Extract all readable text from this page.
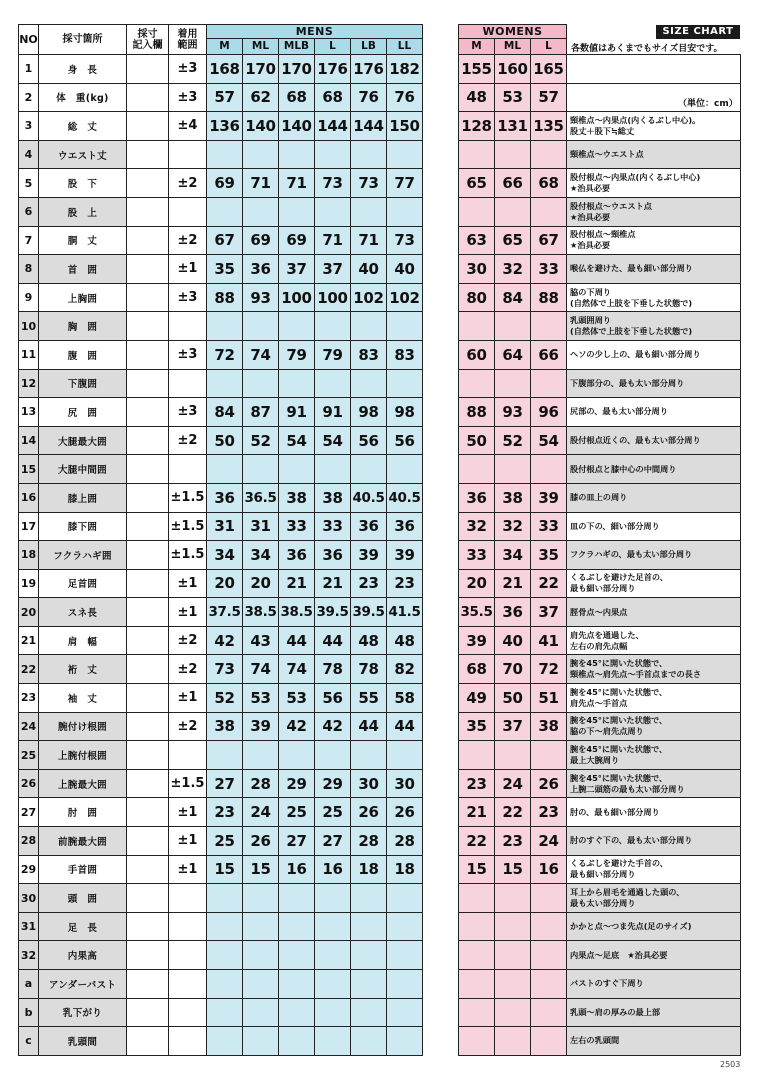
SIZE CHART
各数値はあくまでもサイズ目安です。
（単位：cm）
NO	採寸箇所	採寸
記入欄	着用
範囲	MENS							WOMENS			
				M	ML	MLB	L	LB	LL		M	ML	L	
1	身　長		±3	168	170	170	176	176	182		155	160	165	
2	体　重(kg)		±3	57	62	68	68	76	76		48	53	57	
3	総　丈		±4	136	140	140	144	144	150		128	131	135	頸椎点～内果点(内くるぶし中心)。
股丈＋股下≒総丈
4	ウエスト丈													頸椎点～ウエスト点
5	股　下		±2	69	71	71	73	73	77		65	66	68	股付根点～内果点(内くるぶし中心)
★治具必要
6	股　上													股付根点～ウエスト点
★治具必要
7	胴　丈		±2	67	69	69	71	71	73		63	65	67	股付根点～頸椎点
★治具必要
8	首　囲		±1	35	36	37	37	40	40		30	32	33	喉仏を避けた、最も細い部分周り
9	上胸囲		±3	88	93	100	100	102	102		80	84	88	脇の下周り
(自然体で上肢を下垂した状態で)
10	胸　囲													乳頭囲周り
(自然体で上肢を下垂した状態で)
11	腹　囲		±3	72	74	79	79	83	83		60	64	66	ヘソの少し上の、最も細い部分周り
12	下腹囲													下腹部分の、最も太い部分周り
13	尻　囲		±3	84	87	91	91	98	98		88	93	96	尻部の、最も太い部分周り
14	大腿最大囲		±2	50	52	54	54	56	56		50	52	54	股付根点近くの、最も太い部分周り
15	大腿中間囲													股付根点と膝中心の中間周り
16	膝上囲		±1.5	36	36.5	38	38	40.5	40.5		36	38	39	膝の皿上の周り
17	膝下囲		±1.5	31	31	33	33	36	36		32	32	33	皿の下の、細い部分周り
18	フクラハギ囲		±1.5	34	34	36	36	39	39		33	34	35	フクラハギの、最も太い部分周り
19	足首囲		±1	20	20	21	21	23	23		20	21	22	くるぶしを避けた足首の、
最も細い部分周り
20	スネ長		±1	37.5	38.5	38.5	39.5	39.5	41.5		35.5	36	37	脛骨点～内果点
21	肩　幅		±2	42	43	44	44	48	48		39	40	41	肩先点を通過した、
左右の肩先点幅
22	裄　丈		±2	73	74	74	78	78	82		68	70	72	腕を45°に開いた状態で、
頸椎点～肩先点～手首点までの長さ
23	袖　丈		±1	52	53	53	56	55	58		49	50	51	腕を45°に開いた状態で、
肩先点～手首点
24	腕付け根囲		±2	38	39	42	42	44	44		35	37	38	腕を45°に開いた状態で、
脇の下～肩先点周り
25	上腕付根囲													腕を45°に開いた状態で、
最上大腕周り
26	上腕最大囲		±1.5	27	28	29	29	30	30		23	24	26	腕を45°に開いた状態で、
上腕二頭筋の最も太い部分周り
27	肘　囲		±1	23	24	25	25	26	26		21	22	23	肘の、最も細い部分周り
28	前腕最大囲		±1	25	26	27	27	28	28		22	23	24	肘のすぐ下の、最も太い部分周り
29	手首囲		±1	15	15	16	16	18	18		15	15	16	くるぶしを避けた手首の、
最も細い部分周り
30	頭　囲													耳上から眉毛を通過した頭の、
最も太い部分周り
31	足　長													かかと点～つま先点(足のサイズ)
32	内果高													内果点～足底　★治具必要
a	アンダーバスト													バストのすぐ下周り
b	乳下がり													乳頭～肩の厚みの最上部
c	乳頭間													左右の乳頭間
2503
